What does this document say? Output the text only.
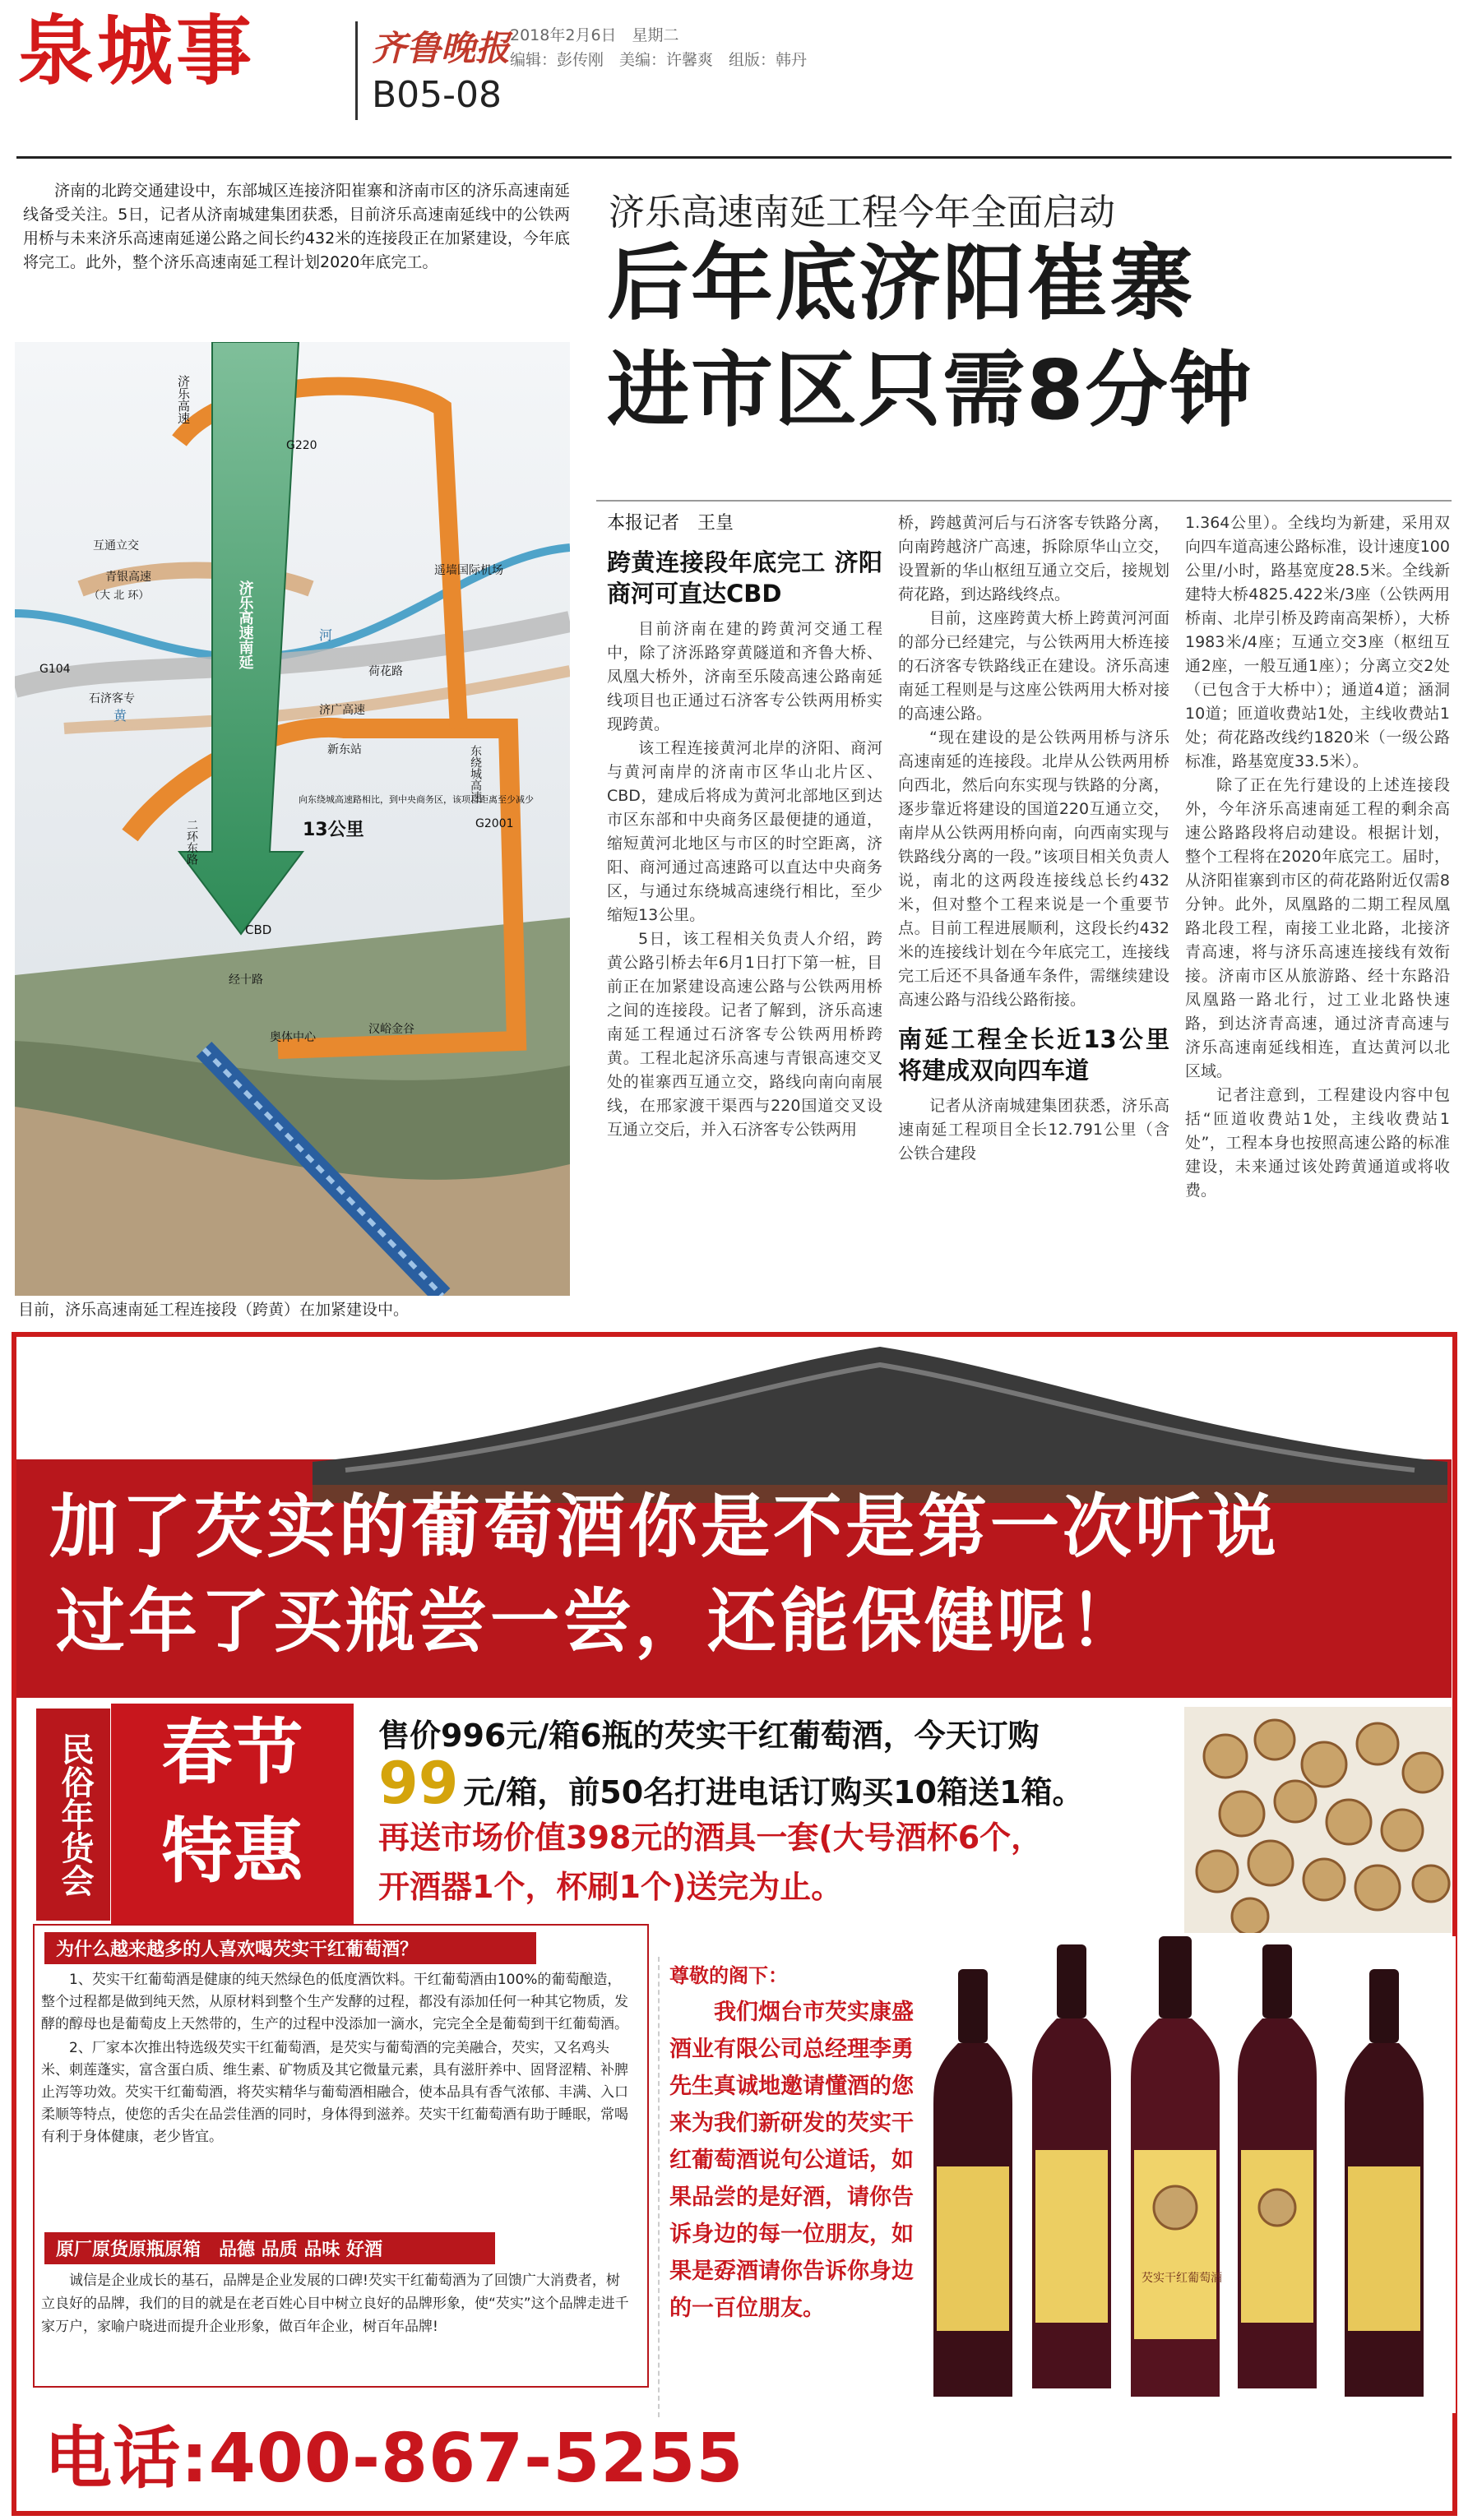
泉城事	齐鲁晚报
B05-08
2018年2月6日　星期二
编辑：彭传刚　美编：许馨爽　组版：韩丹
济南的北跨交通建设中，东部城区连接济阳崔寨和济南市区的济乐高速南延线备受关注。5日，记者从济南城建集团获悉，目前济乐高速南延线中的公铁两用桥与未来济乐高速南延递公路之间长约432米的连接段正在加紧建设，今年底将完工。此外，整个济乐高速南延工程计划2020年底完工。
济乐高速
G220
互通立交
青银高速
（大 北 环）
遥墙国际机场
济乐高速南延	河
黄
G104	荷花路
石济客专
济广高速
新东站	东绕城高速
G2001
向东绕城高速路相比，到中央商务区，该项目距离至少减少
13公里
二环东路
CBD
经十路
奥体中心
汉峪金谷
目前，济乐高速南延工程连接段（跨黄）在加紧建设中。
济乐高速南延工程今年全面启动
后年底济阳崔寨
进市区只需8分钟

本报记者　王皇

跨黄连接段年底完工 济阳商河可直达CBD

目前济南在建的跨黄河交通工程中，除了济泺路穿黄隧道和齐鲁大桥、凤凰大桥外，济南至乐陵高速公路南延线项目也正通过石济客专公铁两用桥实现跨黄。

该工程连接黄河北岸的济阳、商河与黄河南岸的济南市区华山北片区、CBD，建成后将成为黄河北部地区到达市区东部和中央商务区最便捷的通道，缩短黄河北地区与市区的时空距离，济阳、商河通过高速路可以直达中央商务区，与通过东绕城高速绕行相比，至少缩短13公里。

5日，该工程相关负责人介绍，跨黄公路引桥去年6月1日打下第一桩，目前正在加紧建设高速公路与公铁两用桥之间的连接段。记者了解到，济乐高速南延工程通过石济客专公铁两用桥跨黄。工程北起济乐高速与青银高速交叉处的崔寨西互通立交，路线向南向南展线，在邢家渡干渠西与220国道交叉设互通立交后，并入石济客专公铁两用

桥，跨越黄河后与石济客专铁路分离，向南跨越济广高速，拆除原华山立交，设置新的华山枢纽互通立交后，接规划荷花路，到达路线终点。

目前，这座跨黄大桥上跨黄河河面的部分已经建完，与公铁两用大桥连接的石济客专铁路线正在建设。济乐高速南延工程则是与这座公铁两用大桥对接的高速公路。

“现在建设的是公铁两用桥与济乐高速南延的连接段。北岸从公铁两用桥向西北，然后向东实现与铁路的分离，逐步靠近将建设的国道220互通立交，南岸从公铁两用桥向南，向西南实现与铁路线分离的一段。”该项目相关负责人说，南北的这两段连接线总长约432米，但对整个工程来说是一个重要节点。目前工程进展顺利，这段长约432米的连接线计划在今年底完工，连接线完工后还不具备通车条件，需继续建设高速公路与沿线公路衔接。

南延工程全长近13公里 将建成双向四车道

记者从济南城建集团获悉，济乐高速南延工程项目全长12.791公里（含公铁合建段

1.364公里）。全线均为新建，采用双向四车道高速公路标准，设计速度100公里/小时，路基宽度28.5米。全线新建特大桥4825.422米/3座（公铁两用桥南、北岸引桥及跨南高架桥），大桥1983米/4座；互通立交3座（枢纽互通2座，一般互通1座）；分离立交2处（已包含于大桥中）；通道4道；涵洞10道；匝道收费站1处，主线收费站1处；荷花路改线约1820米（一级公路标准，路基宽度33.5米）。

除了正在先行建设的上述连接段外，今年济乐高速南延工程的剩余高速公路路段将启动建设。根据计划，整个工程将在2020年底完工。届时，从济阳崔寨到市区的荷花路附近仅需8分钟。此外，凤凰路的二期工程凤凰路北段工程，南接工业北路，北接济青高速，将与济乐高速连接线有效衔接。济南市区从旅游路、经十东路沿凤凰路一路北行，过工业北路快速路，到达济青高速，通过济青高速与济乐高速南延线相连，直达黄河以北区域。

记者注意到，工程建设内容中包括“匝道收费站1处，主线收费站1处”，工程本身也按照高速公路的标准建设，未来通过该处跨黄通道或将收费。

加了芡实的葡萄酒你是不是第一次听说
过年了买瓶尝一尝，还能保健呢！
民俗年货会 春节
特惠
售价996元/箱6瓶的芡实干红葡萄酒，今天订购
99 元/箱，前50名打进电话订购买10箱送1箱。
再送市场价值398元的酒具一套(大号酒杯6个，
开酒器1个，杯刷1个)送完为止。
为什么越来越多的人喜欢喝芡实干红葡萄酒？

1、芡实干红葡萄酒是健康的纯天然绿色的低度酒饮料。干红葡萄酒由100%的葡萄酿造，整个过程都是做到纯天然，从原材料到整个生产发酵的过程，都没有添加任何一种其它物质，发酵的醇母也是葡萄皮上天然带的，生产的过程中没添加一滴水，完完全全是葡萄到干红葡萄酒。

2、厂家本次推出特选级芡实干红葡萄酒，是芡实与葡萄酒的完美融合，芡实，又名鸡头米、刺莲蓬实，富含蛋白质、维生素、矿物质及其它微量元素，具有滋肝养中、固肾涩精、补脾止泻等功效。芡实干红葡萄酒，将芡实精华与葡萄酒相融合，使本品具有香气浓郁、丰满、入口柔顺等特点，使您的舌尖在品尝佳酒的同时，身体得到滋养。芡实干红葡萄酒有助于睡眠，常喝有利于身体健康，老少皆宜。

原厂原货原瓶原箱　品德 品质 品味 好酒
诚信是企业成长的基石，品牌是企业发展的口碑!芡实干红葡萄酒为了回馈广大消费者，树立良好的品牌，我们的目的就是在老百姓心目中树立良好的品牌形象，使“芡实”这个品牌走进千家万户，家喻户晓进而提升企业形象，做百年企业，树百年品牌!
尊敬的阁下：
我们烟台市芡实康盛酒业有限公司总经理李勇先生真诚地邀请懂酒的您来为我们新研发的芡实干红葡萄酒说句公道话，如果品尝的是好酒，请你告诉身边的每一位朋友，如果是孬酒请你告诉你身边的一百位朋友。
芡实干红葡萄酒
电话:400-867-5255
